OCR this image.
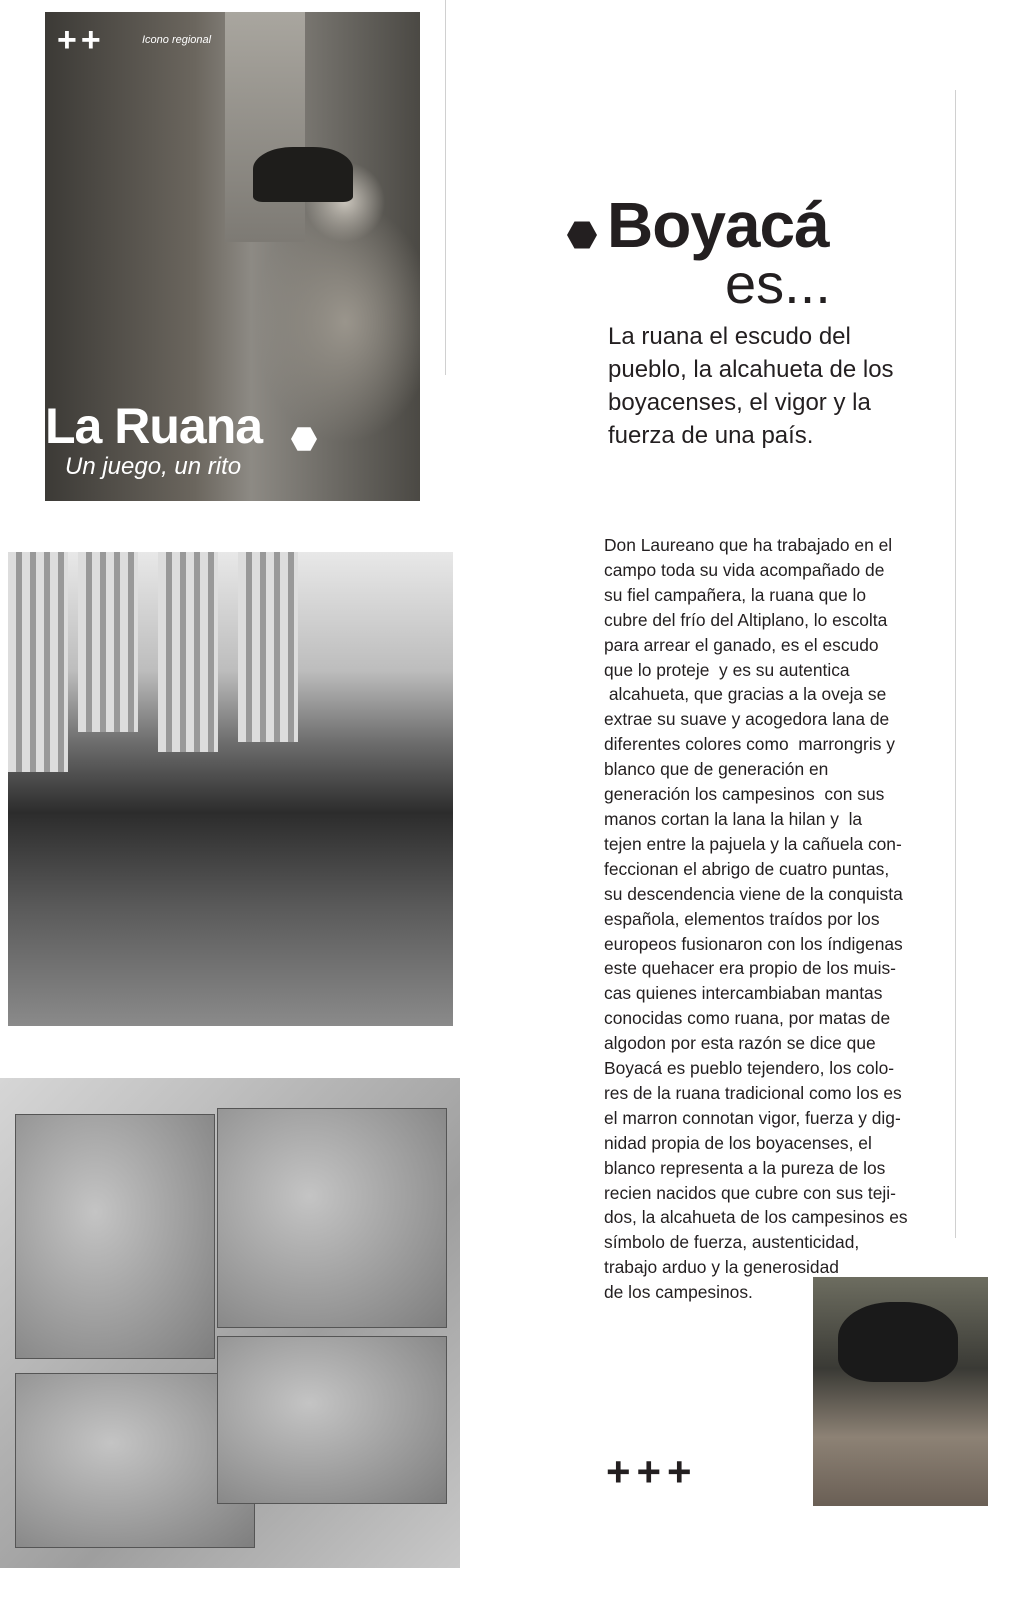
++	Icono regional
La Ruana
Un juego, un rito
Boyacá
es...
La ruana el escudo del pueblo, la alcahueta de los boyacenses, el vigor y la fuerza de una país.
Don Laureano que ha trabajado en el
campo toda su vida acompañado de
su fiel campañera, la ruana que lo
cubre del frío del Altiplano, lo escolta
para arrear el ganado, es el escudo
que lo proteje  y es su autentica
alcahueta, que gracias a la oveja se
extrae su suave y acogedora lana de
diferentes colores como  marrongris y
blanco que de generación en
generación los campesinos  con sus
manos cortan la lana la hilan y  la
tejen entre la pajuela y la cañuela con-
feccionan el abrigo de cuatro puntas,
su descendencia viene de la conquista
española, elementos traídos por los
europeos fusionaron con los índigenas
este quehacer era propio de los muis-
cas quienes intercambiaban mantas
conocidas como ruana, por matas de
algodon por esta razón se dice que
Boyacá es pueblo tejendero, los colo-
res de la ruana tradicional como los es
el marron connotan vigor, fuerza y dig-
nidad propia de los boyacenses, el
blanco representa a la pureza de los
recien nacidos que cubre con sus teji-
dos, la alcahueta de los campesinos es
símbolo de fuerza, austenticidad,
trabajo arduo y la generosidad
de los campesinos.
+++
